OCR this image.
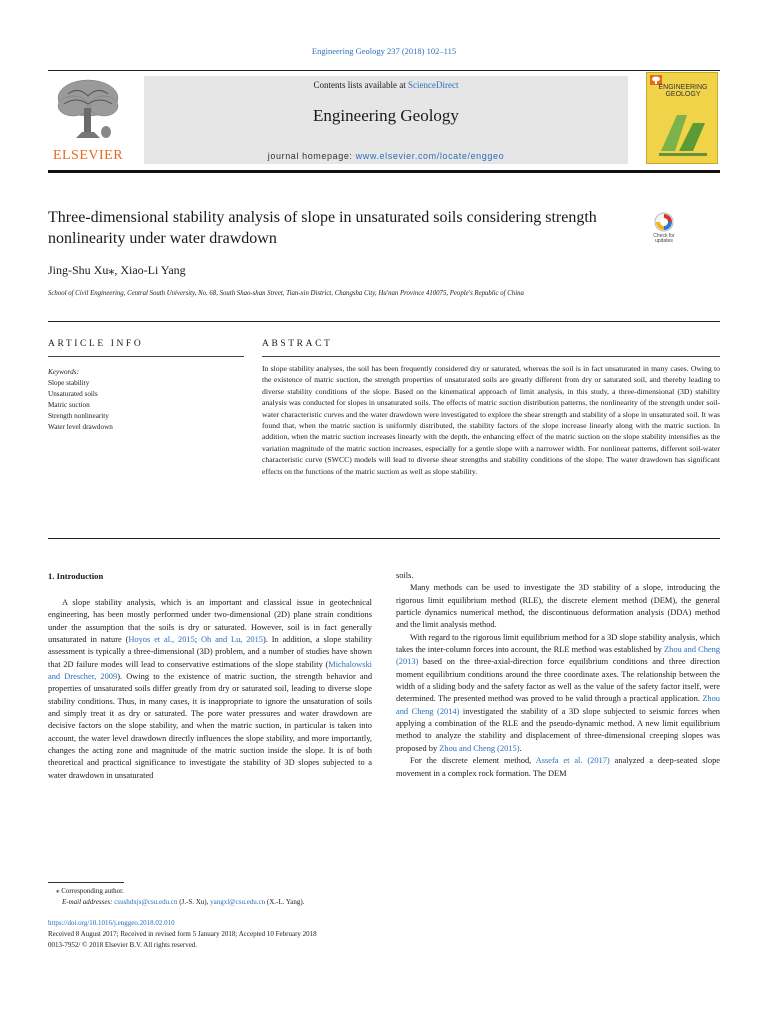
Engineering Geology 237 (2018) 102–115
ELSEVIER
Contents lists available at ScienceDirect
Engineering Geology
journal homepage: www.elsevier.com/locate/enggeo
ENGINEERING GEOLOGY
Three-dimensional stability analysis of slope in unsaturated soils considering strength nonlinearity under water drawdown	Check for updates
Jing-Shu Xu⁎, Xiao-Li Yang
School of Civil Engineering, Central South University, No. 68, South Shao-shan Street, Tian-xin District, Changsha City, Hu'nan Province 410075, People's Republic of China
ARTICLE INFO	ABSTRACT
Keywords:
Slope stability
Unsaturated soils
Matric suction
Strength nonlinearity
Water level drawdown
In slope stability analyses, the soil has been frequently considered dry or saturated, whereas the soil is in fact unsaturated in many cases. Owing to the existence of matric suction, the strength properties of unsaturated soils are greatly different from dry or saturated soil, and thereby leading to diverse stability conditions of the slope. Based on the kinematical approach of limit analysis, in this study, a three-dimensional (3D) stability analysis was conducted for slopes in unsaturated soils. The effects of matric suction distribution patterns, the nonlinearity of the strength under soil-water characteristic curves and the water drawdown were investigated to explore the shear strength and stability of a slope in unsaturated soil. It was found that, when the matric suction is uniformly distributed, the stability factors of the slope increase linearly along with the matric suction. In addition, when the matric suction increases linearly with the depth, the enhancing effect of the matric suction on the slope stability intensifies as the variation magnitude of the matric suction increases, especially for a gentle slope with a narrower width. For nonlinear patterns, different soil-water characteristic curve (SWCC) models will lead to diverse shear strengths and stability conditions of the slope. The water drawdown has significant effects on the functions of the matric suction as well as slope stability.
1. Introduction

A slope stability analysis, which is an important and classical issue in geotechnical engineering, has been mostly performed under two-dimensional (2D) plane strain conditions under the assumption that the soils is dry or saturated. However, soil is in fact generally unsaturated in nature (Hoyos et al., 2015; Oh and Lu, 2015). In addition, a slope stability assessment is typically a three-dimensional (3D) problem, and a number of studies have shown that 2D failure modes will lead to conservative estimations of the slope stability (Michalowski and Drescher, 2009). Owing to the existence of matric suction, the strength behavior and properties of unsaturated soils differ greatly from dry or saturated soil, leading to diverse slope stability conditions. Thus, in many cases, it is inappropriate to ignore the unsaturation of soils and simply treat it as dry or saturated. The pore water pressures and water drawdown are decisive factors on the slope stability, and when the matric suction, in particular is taken into account, the water level drawdown directly influences the slope stability, and more importantly, changes the acting zone and magnitude of the matric suction inside the slope. It is of both theoretical and practical significance to investigate the stability of 3D slopes subjected to a water drawdown in unsaturated

soils.

Many methods can be used to investigate the 3D stability of a slope, introducing the rigorous limit equilibrium method (RLE), the discrete element method (DEM), the general particle dynamics numerical method, the discontinuous deformation analysis (DDA) method and the limit analysis method.

With regard to the rigorous limit equilibrium method for a 3D slope stability analysis, which takes the inter-column forces into account, the RLE method was established by Zhou and Cheng (2013) based on the three-axial-direction force equilibrium conditions and three direction moment equilibrium conditions around the three coordinate axes. The relationship between the width of a sliding body and the safety factor as well as the value of the safety factor itself, were determined. The presented method was proved to be valid through a practical application. Zhou and Cheng (2014) investigated the stability of a 3D slope subjected to seismic forces when applying a combination of the RLE and the pseudo-dynamic method. A new limit equilibrium method to analyze the stability and displacement of three-dimensional creeping slopes was proposed by Zhou and Cheng (2015).

For the discrete element method, Assefa et al. (2017) analyzed a deep-seated slope movement in a complex rock formation. The DEM

⁎ Corresponding author.
E-mail addresses: csushdxjs@csu.edu.cn (J.-S. Xu), yangxl@csu.edu.cn (X.-L. Yang).
https://doi.org/10.1016/j.enggeo.2018.02.010
Received 8 August 2017; Received in revised form 5 January 2018; Accepted 10 February 2018
0013-7952/ © 2018 Elsevier B.V. All rights reserved.
